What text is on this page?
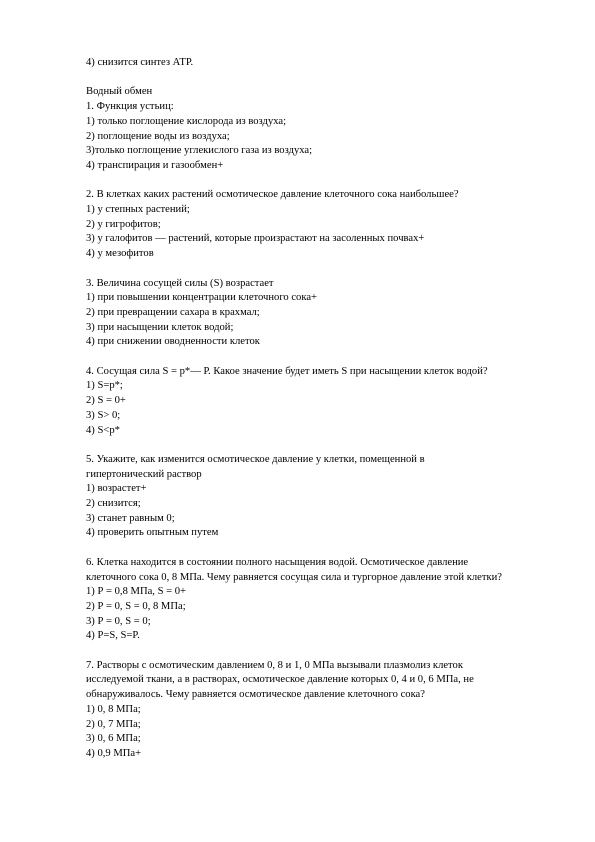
4) снизится синтез АТР.
Водный обмен
1. Функция устьиц:
1) только поглощение кислорода из воздуха;
2) поглощение воды из воздуха;
3)только поглощение углекислого газа из воздуха;
4) транспирация и газообмен+
2. В клетках каких растений осмотическое давление клеточного сока наибольшее?
1) у степных растений;
2) у гигрофитов;
3) у галофитов — растений, которые произрастают на засоленных почвах+
4) у мезофитов
3. Величина сосущей силы (S) возрастает
1) при повышении концентрации клеточного сока+
2) при превращении сахара в крахмал;
3) при насыщении клеток водой;
4) при снижении оводненности клеток
4. Сосущая сила S = р*— Р. Какое значение будет иметь S при насыщении клеток водой?
1) S=р*;
2) S = 0+
3) S> 0;
4) S<р*
5. Укажите, как изменится осмотическое давление у клетки, помещенной в гипертонический раствор
1) возрастет+
2) снизится;
3) станет равным 0;
4) проверить опытным путем
6. Клетка находится в состоянии полного насыщения водой. Осмотическое давление клеточного сока 0, 8 МПа. Чему равняется сосущая сила и тургорное давление этой клетки?
1) Р = 0,8 МПа, S = 0+
2) Р = 0, S = 0, 8 МПа;
3) Р = 0, S = 0;
4) Р=S, S=P.
7. Растворы с осмотическим давлением 0, 8 и 1, 0 МПа вызывали плазмолиз клеток исследуемой ткани, а в растворах, осмотическое давление которых 0, 4 и 0, 6 МПа, не обнаруживалось. Чему равняется осмотическое давление клеточного сока?
1) 0, 8 МПа;
2) 0, 7 МПа;
3) 0, 6 МПа;
4) 0,9 МПа+
